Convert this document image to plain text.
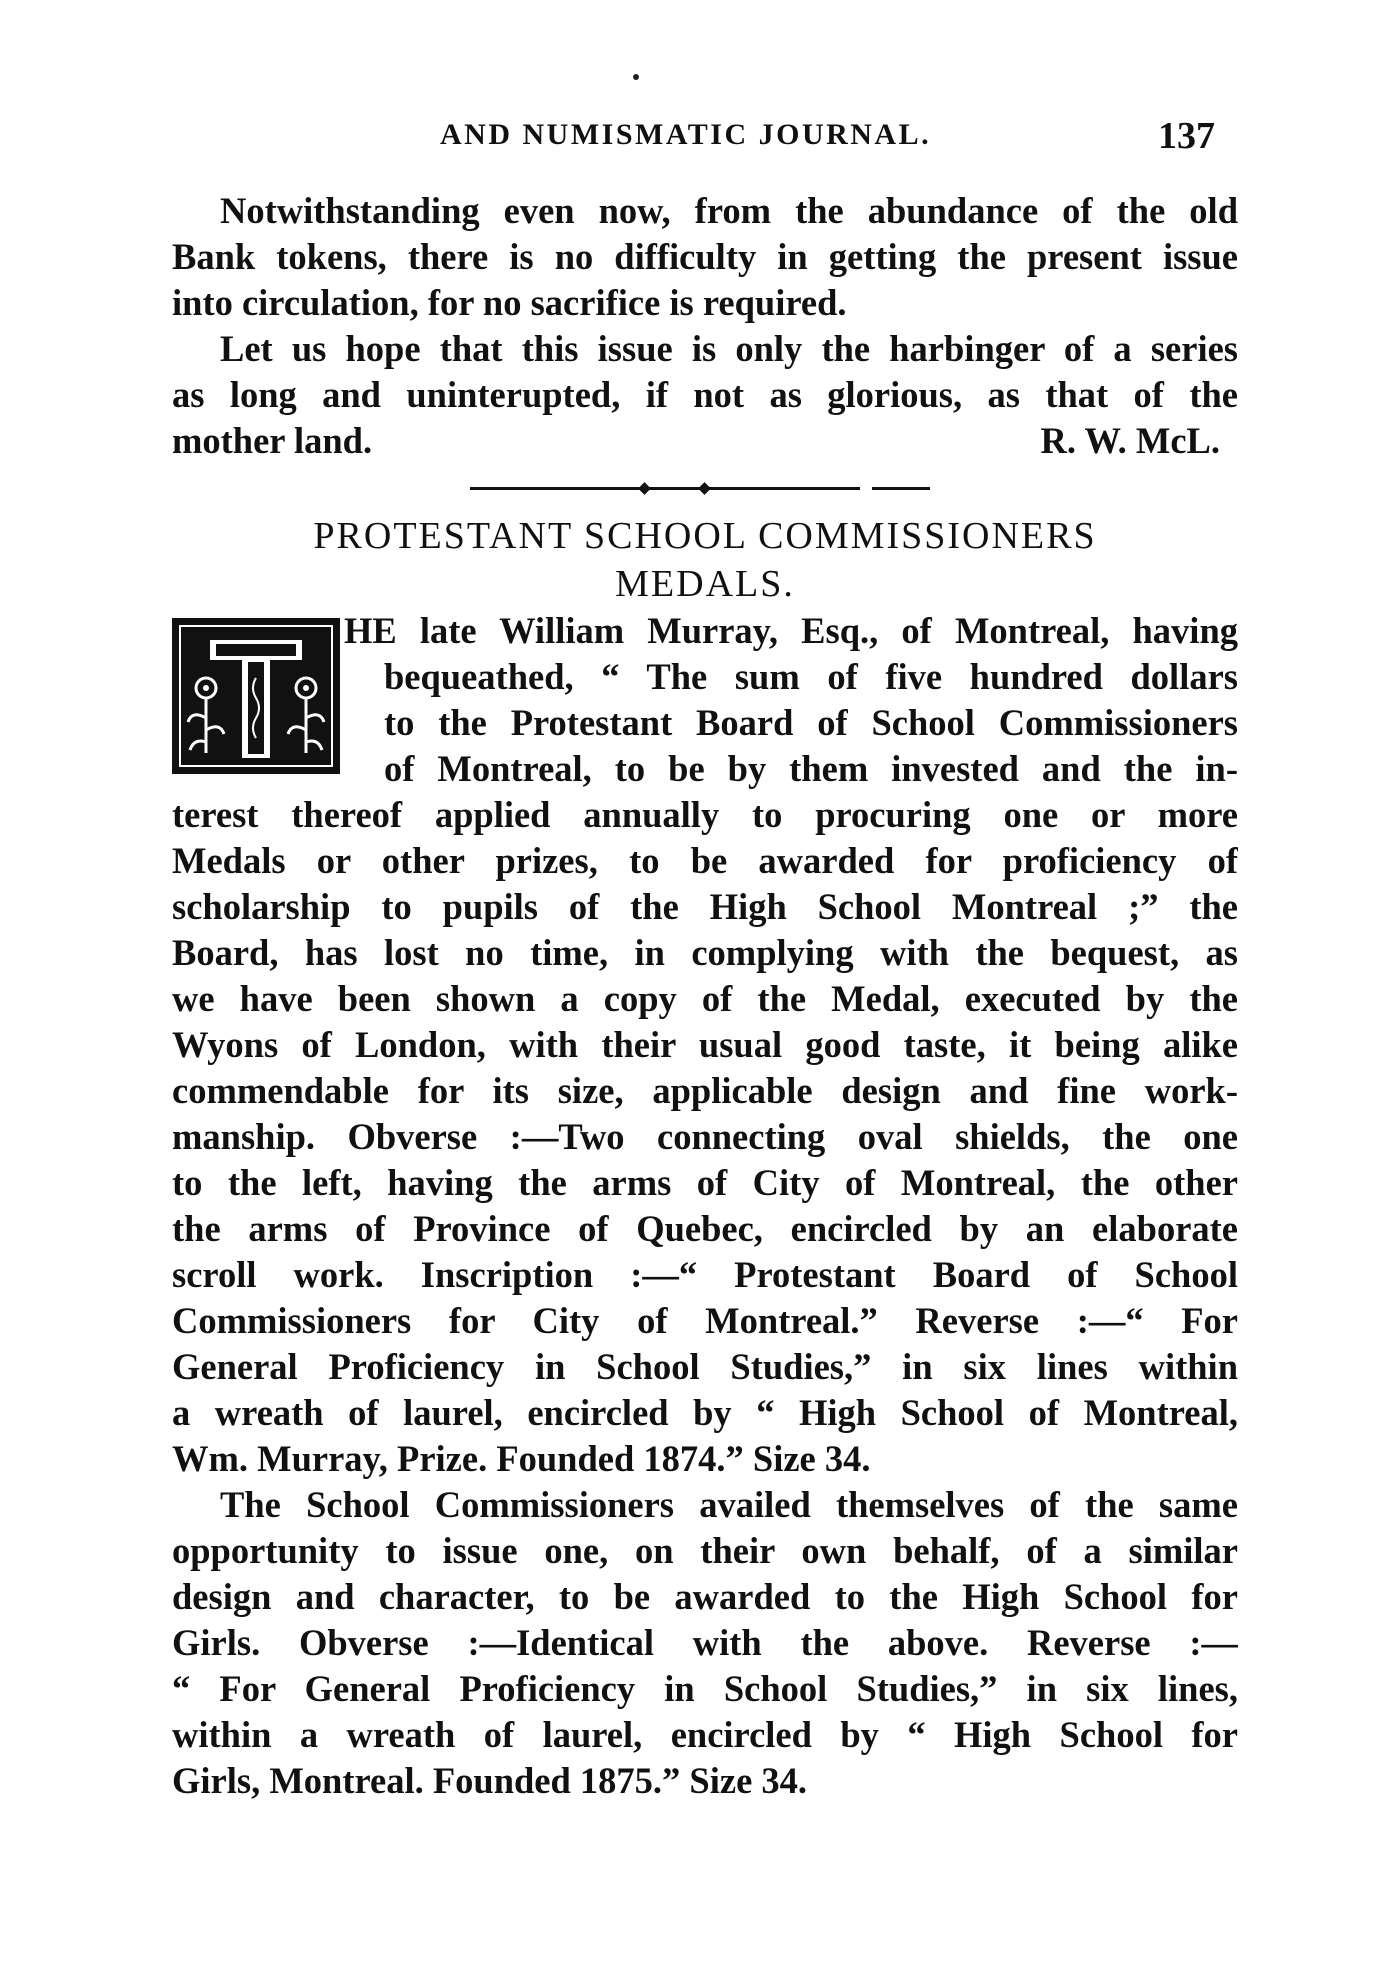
AND NUMISMATIC JOURNAL.	137
Notwithstanding even now, from the abundance of the old
Bank tokens, there is no difficulty in getting the present issue
into circulation, for no sacrifice is required.
Let us hope that this issue is only the harbinger of a series
as long and uninterupted, if not as glorious, as that of the
mother land.	R. W. McL.
PROTESTANT SCHOOL COMMISSIONERS
MEDALS.
HE late William Murray, Esq., of Montreal, having
bequeathed, “ The sum of five hundred dollars
to the Protestant Board of School Commissioners
of Montreal, to be by them invested and the in-
terest thereof applied annually to procuring one or more
Medals or other prizes, to be awarded for proficiency of
scholarship to pupils of the High School Montreal ;” the
Board, has lost no time, in complying with the bequest, as
we have been shown a copy of the Medal, executed by the
Wyons of London, with their usual good taste, it being alike
commendable for its size, applicable design and fine work-
manship. Obverse :—Two connecting oval shields, the one
to the left, having the arms of City of Montreal, the other
the arms of Province of Quebec, encircled by an elaborate
scroll work. Inscription :—“ Protestant Board of School
Commissioners for City of Montreal.” Reverse :—“ For
General Proficiency in School Studies,” in six lines within
a wreath of laurel, encircled by “ High School of Montreal,
Wm. Murray, Prize. Founded 1874.” Size 34.
The School Commissioners availed themselves of the same
opportunity to issue one, on their own behalf, of a similar
design and character, to be awarded to the High School for
Girls. Obverse :—Identical with the above. Reverse :—
“ For General Proficiency in School Studies,” in six lines,
within a wreath of laurel, encircled by “ High School for
Girls, Montreal. Founded 1875.” Size 34.
